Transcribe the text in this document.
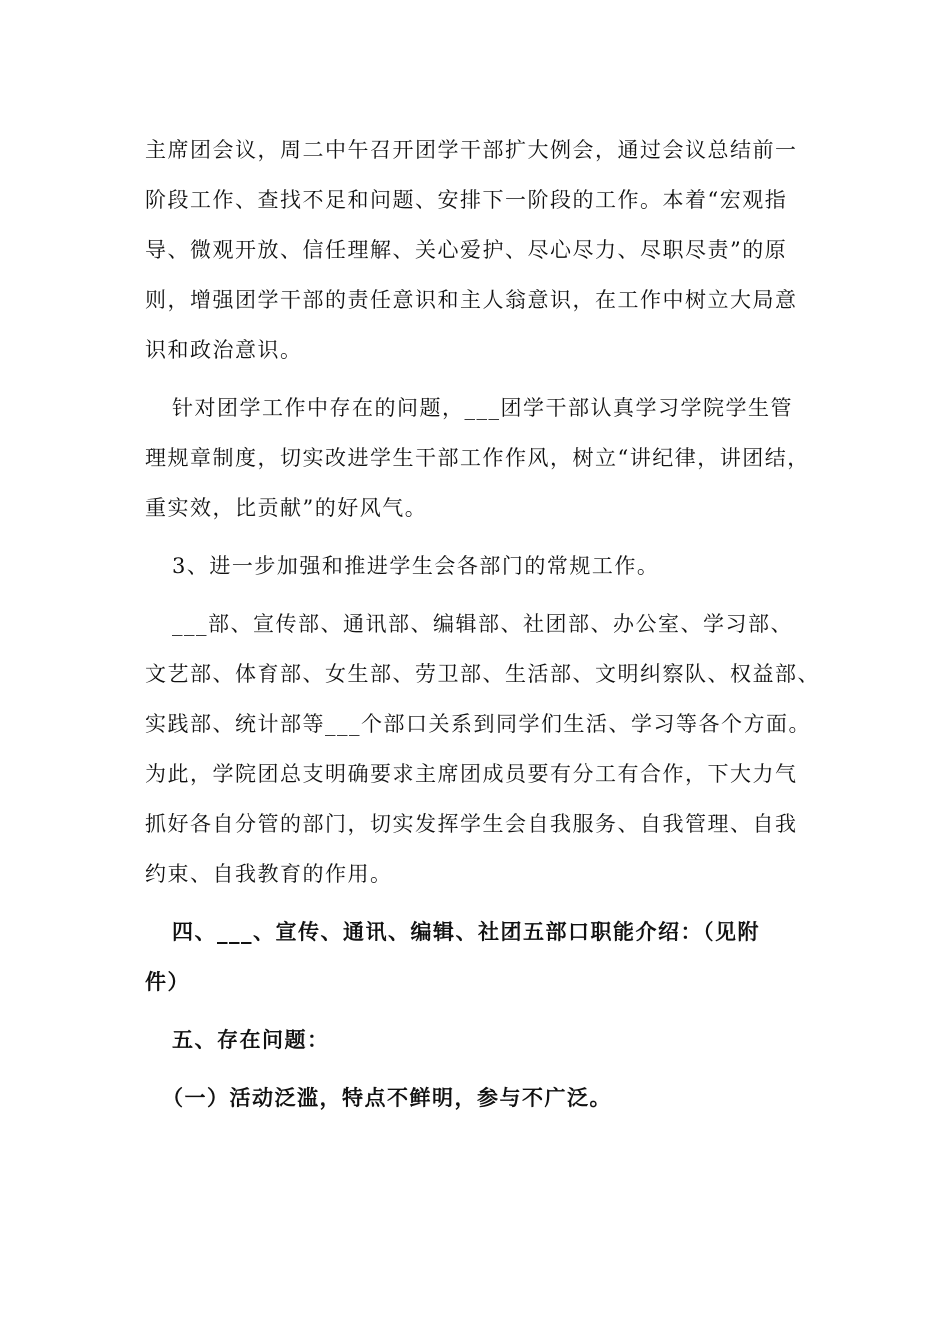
主席团会议，周二中午召开团学干部扩大例会，通过会议总结前一
阶段工作、查找不足和问题、安排下一阶段的工作。本着“宏观指
导、微观开放、信任理解、关心爱护、尽心尽力、尽职尽责”的原
则，增强团学干部的责任意识和主人翁意识，在工作中树立大局意
识和政治意识。
针对团学工作中存在的问题，___团学干部认真学习学院学生管
理规章制度，切实改进学生干部工作作风，树立“讲纪律，讲团结，
重实效，比贡献”的好风气。
3、进一步加强和推进学生会各部门的常规工作。
___部、宣传部、通讯部、编辑部、社团部、办公室、学习部、
文艺部、体育部、女生部、劳卫部、生活部、文明纠察队、权益部、
实践部、统计部等___个部口关系到同学们生活、学习等各个方面。
为此，学院团总支明确要求主席团成员要有分工有合作，下大力气
抓好各自分管的部门，切实发挥学生会自我服务、自我管理、自我
约束、自我教育的作用。
四、___、宣传、通讯、编辑、社团五部口职能介绍：（见附
件）
五、存在问题：
（一）活动泛滥，特点不鲜明，参与不广泛。
